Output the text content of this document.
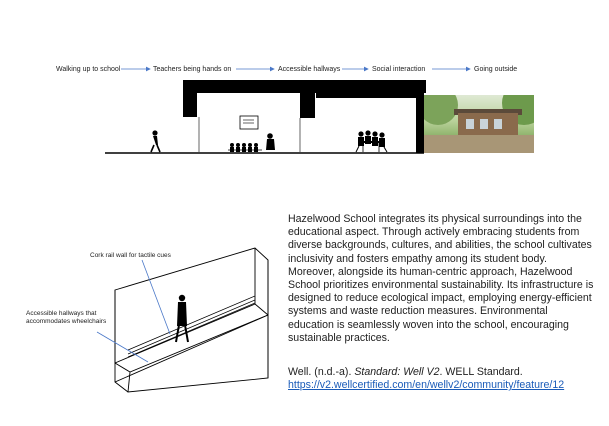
Walking up to school	Teachers being hands on	Accessible hallways	Social interaction	Going outside
Cork rail wall for tactile cues
Accessible hallways that
accommodates wheelchairs

Hazelwood School integrates its physical surroundings into the educational aspect. Through actively embracing students from diverse backgrounds, cultures, and abilities, the school cultivates inclusivity and fosters empathy among its student body. Moreover, alongside its human-centric approach, Hazelwood School prioritizes environmental sustainability. Its infrastructure is designed to reduce ecological impact, employing energy-efficient systems and waste reduction measures. Environmental education is seamlessly woven into the school, encouraging sustainable practices.

Well. (n.d.-a). Standard: Well V2. WELL Standard.
https://v2.wellcertified.com/en/wellv2/community/feature/12
